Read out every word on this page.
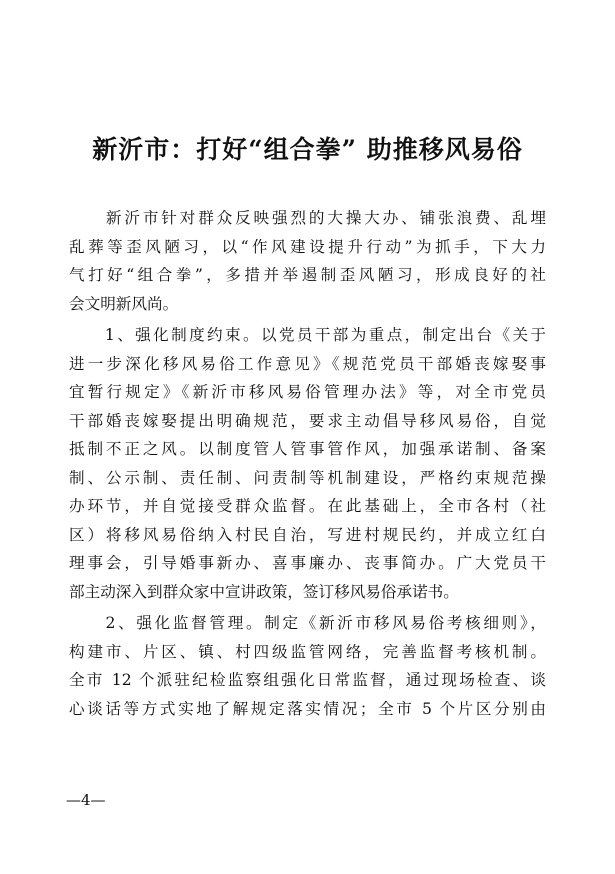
新沂市：打好“组合拳” 助推移风易俗
　　新沂市针对群众反映强烈的大操大办、铺张浪费、乱埋
乱葬等歪风陋习，以“作风建设提升行动”为抓手，下大力
气打好“组合拳”，多措并举遏制歪风陋习，形成良好的社
会文明新风尚。
　　1、强化制度约束。以党员干部为重点，制定出台《关于
进一步深化移风易俗工作意见》《规范党员干部婚丧嫁娶事
宜暂行规定》《新沂市移风易俗管理办法》等，对全市党员
干部婚丧嫁娶提出明确规范，要求主动倡导移风易俗，自觉
抵制不正之风。以制度管人管事管作风，加强承诺制、备案
制、公示制、责任制、问责制等机制建设，严格约束规范操
办环节，并自觉接受群众监督。在此基础上，全市各村（社
区）将移风易俗纳入村民自治，写进村规民约，并成立红白
理事会，引导婚事新办、喜事廉办、丧事简办。广大党员干
部主动深入到群众家中宣讲政策，签订移风易俗承诺书。
　　2、强化监督管理。制定《新沂市移风易俗考核细则》，
构建市、片区、镇、村四级监管网络，完善监督考核机制。
全市 12 个派驻纪检监察组强化日常监督，通过现场检查、谈
心谈话等方式实地了解规定落实情况；全市 5 个片区分别由
—4—
